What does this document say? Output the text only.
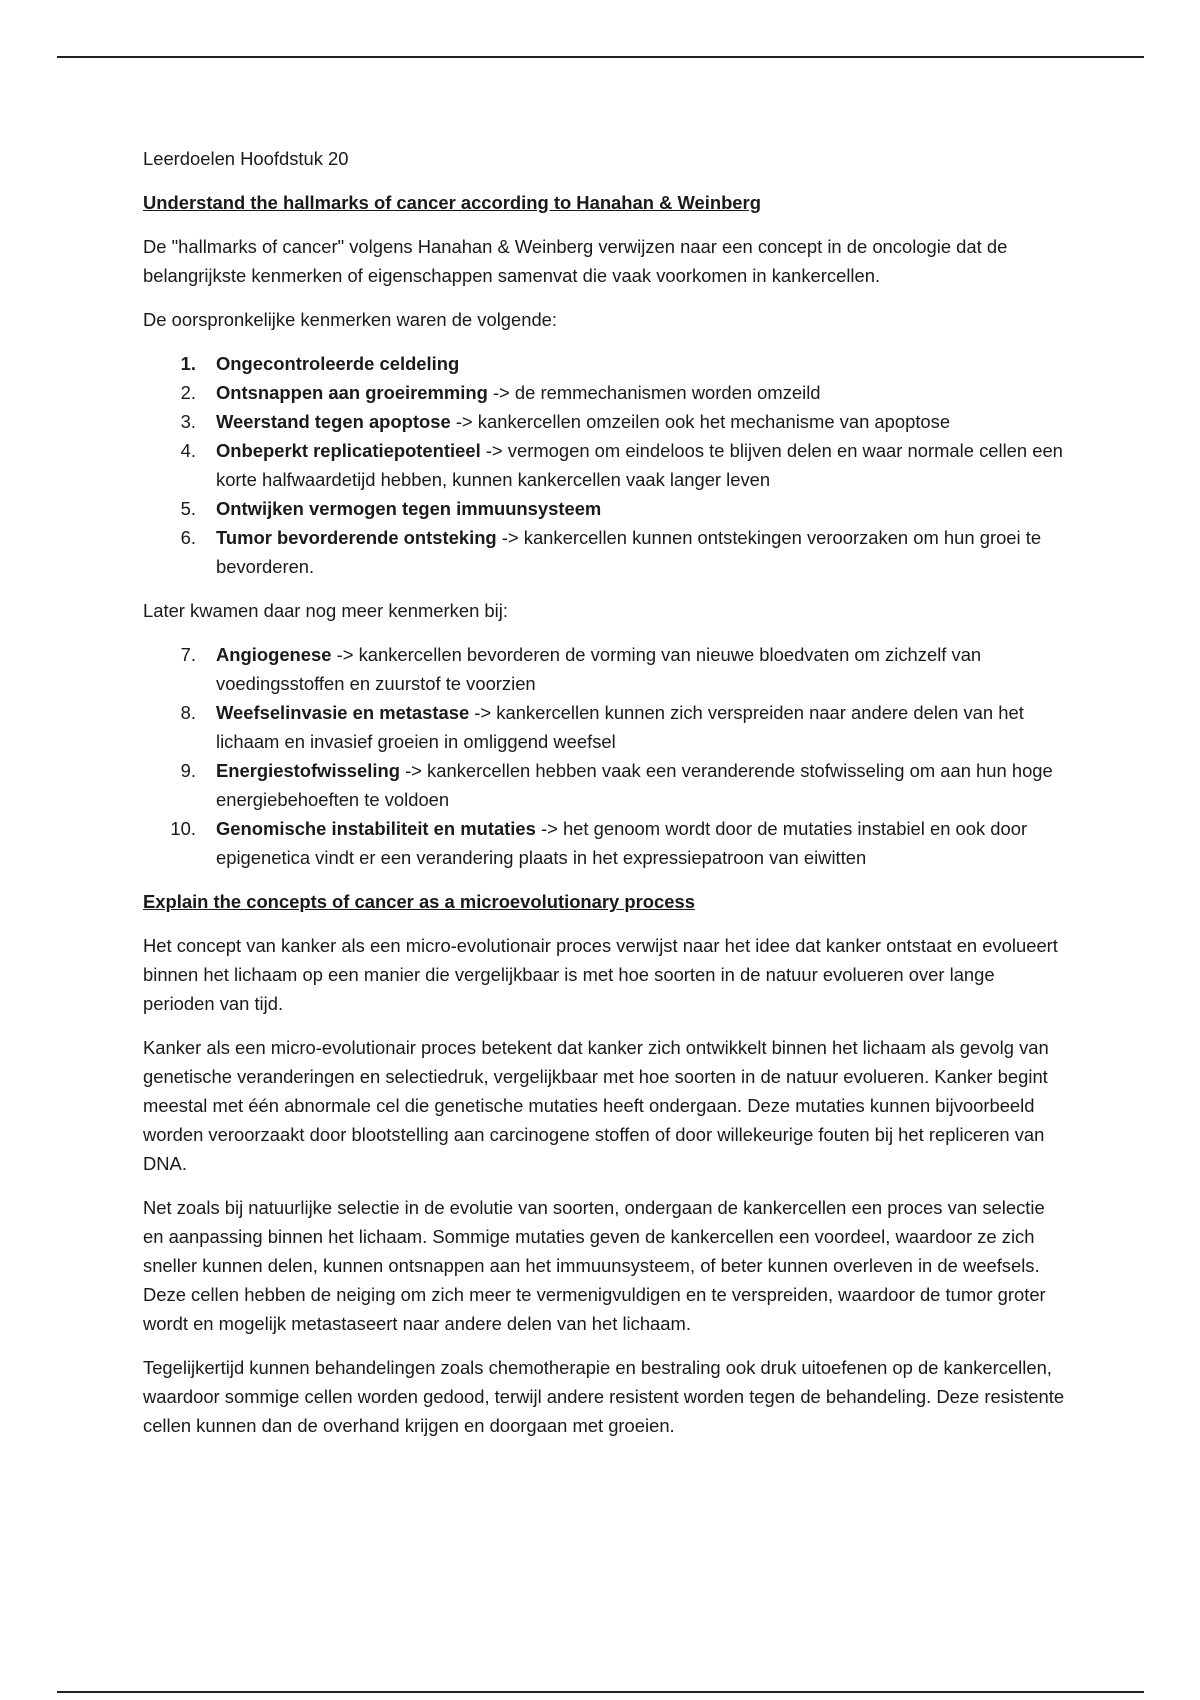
Leerdoelen Hoofdstuk 20

Understand the hallmarks of cancer according to Hanahan & Weinberg

De "hallmarks of cancer" volgens Hanahan & Weinberg verwijzen naar een concept in de oncologie dat de belangrijkste kenmerken of eigenschappen samenvat die vaak voorkomen in kankercellen.

De oorspronkelijke kenmerken waren de volgende:

1. Ongecontroleerde celdeling
2. Ontsnappen aan groeiremming -> de remmechanismen worden omzeild
3. Weerstand tegen apoptose -> kankercellen omzeilen ook het mechanisme van apoptose
4. Onbeperkt replicatiepotentieel -> vermogen om eindeloos te blijven delen en waar normale cellen een korte halfwaardetijd hebben, kunnen kankercellen vaak langer leven
5. Ontwijken vermogen tegen immuunsysteem
6. Tumor bevorderende ontsteking -> kankercellen kunnen ontstekingen veroorzaken om hun groei te bevorderen.

Later kwamen daar nog meer kenmerken bij:

7. Angiogenese -> kankercellen bevorderen de vorming van nieuwe bloedvaten om zichzelf van voedingsstoffen en zuurstof te voorzien
8. Weefselinvasie en metastase -> kankercellen kunnen zich verspreiden naar andere delen van het lichaam en invasief groeien in omliggend weefsel
9. Energiestofwisseling -> kankercellen hebben vaak een veranderende stofwisseling om aan hun hoge energiebehoeften te voldoen
10. Genomische instabiliteit en mutaties -> het genoom wordt door de mutaties instabiel en ook door epigenetica vindt er een verandering plaats in het expressiepatroon van eiwitten

Explain the concepts of cancer as a microevolutionary process

Het concept van kanker als een micro-evolutionair proces verwijst naar het idee dat kanker ontstaat en evolueert binnen het lichaam op een manier die vergelijkbaar is met hoe soorten in de natuur evolueren over lange perioden van tijd.

Kanker als een micro-evolutionair proces betekent dat kanker zich ontwikkelt binnen het lichaam als gevolg van genetische veranderingen en selectiedruk, vergelijkbaar met hoe soorten in de natuur evolueren. Kanker begint meestal met één abnormale cel die genetische mutaties heeft ondergaan. Deze mutaties kunnen bijvoorbeeld worden veroorzaakt door blootstelling aan carcinogene stoffen of door willekeurige fouten bij het repliceren van DNA.

Net zoals bij natuurlijke selectie in de evolutie van soorten, ondergaan de kankercellen een proces van selectie en aanpassing binnen het lichaam. Sommige mutaties geven de kankercellen een voordeel, waardoor ze zich sneller kunnen delen, kunnen ontsnappen aan het immuunsysteem, of beter kunnen overleven in de weefsels. Deze cellen hebben de neiging om zich meer te vermenigvuldigen en te verspreiden, waardoor de tumor groter wordt en mogelijk metastaseert naar andere delen van het lichaam.

Tegelijkertijd kunnen behandelingen zoals chemotherapie en bestraling ook druk uitoefenen op de kankercellen, waardoor sommige cellen worden gedood, terwijl andere resistent worden tegen de behandeling. Deze resistente cellen kunnen dan de overhand krijgen en doorgaan met groeien.
